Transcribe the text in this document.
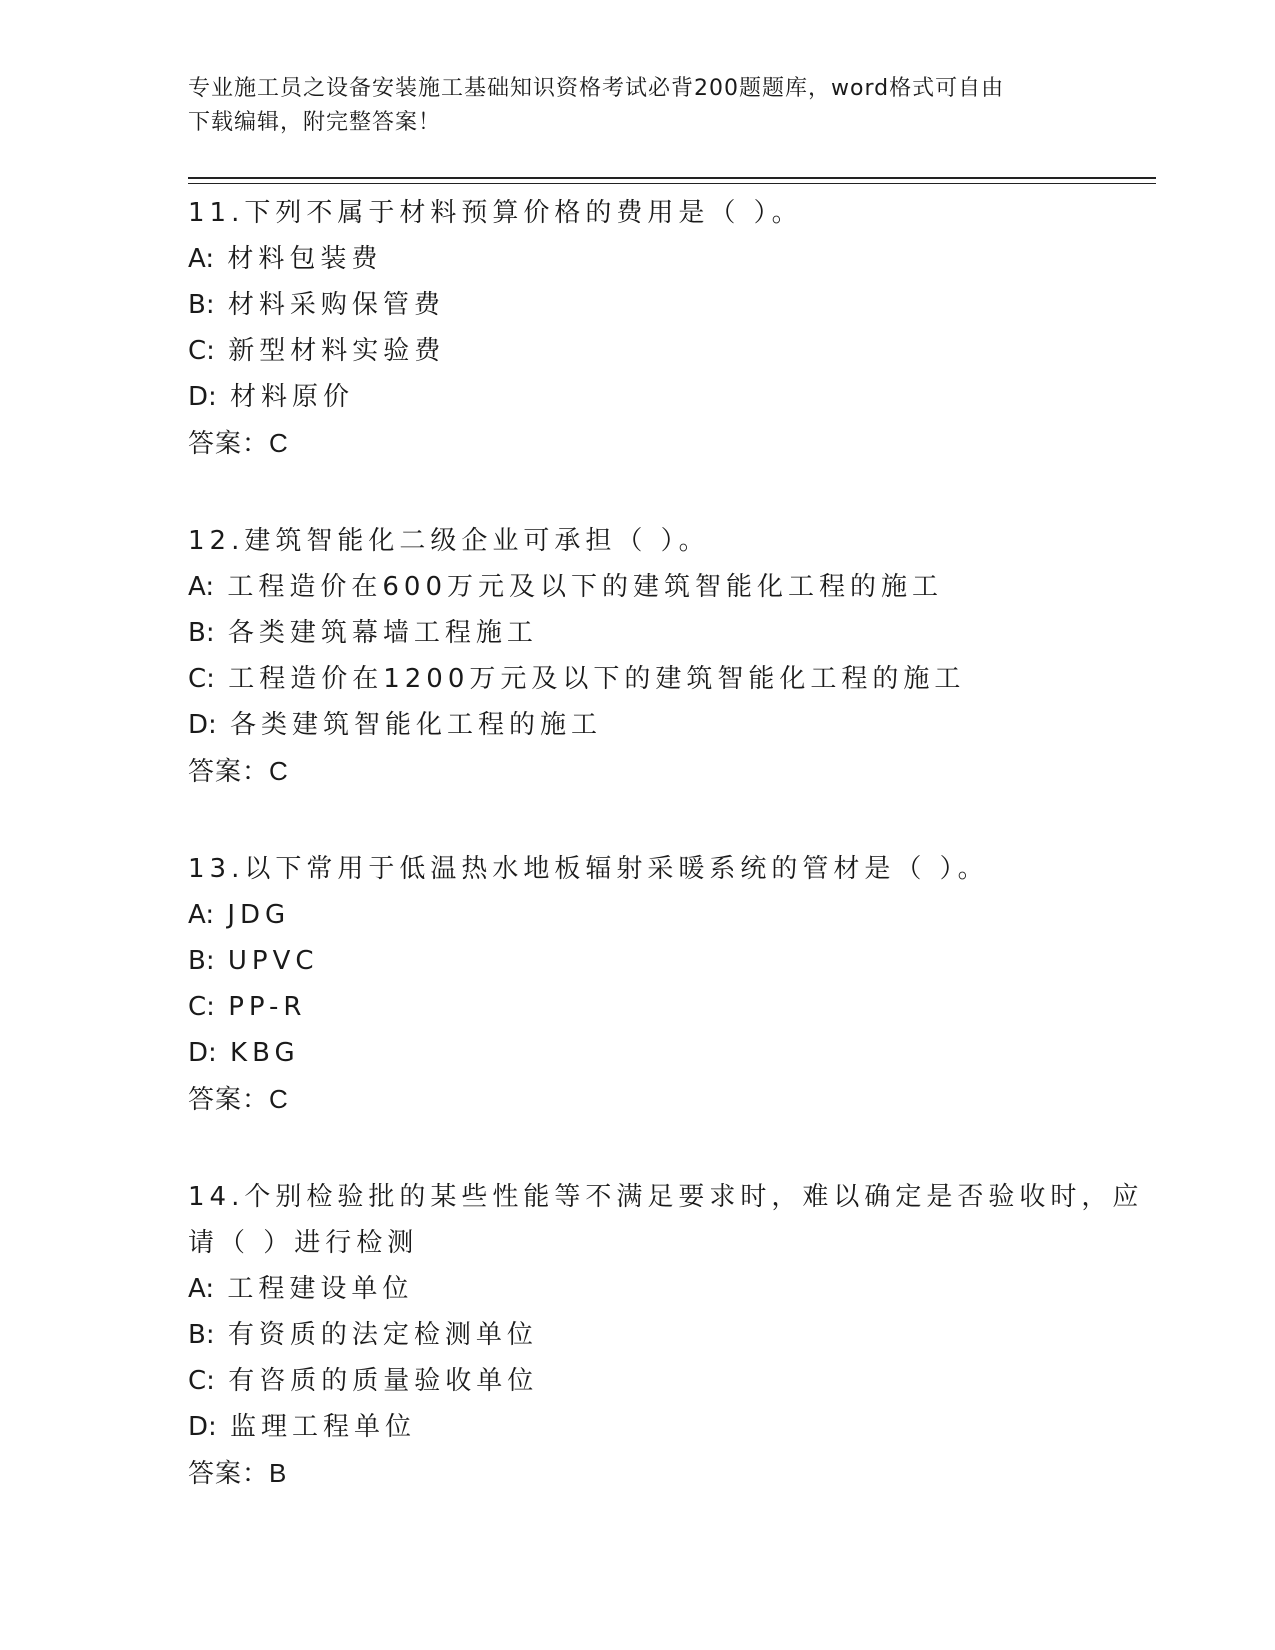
专业施工员之设备安装施工基础知识资格考试必背200题题库，word格式可自由
下载编辑，附完整答案！
11.下列不属于材料预算价格的费用是（ ）。
A: 材料包装费
B: 材料采购保管费
C: 新型材料实验费
D: 材料原价
答案：C
12.建筑智能化二级企业可承担（ ）。
A: 工程造价在600万元及以下的建筑智能化工程的施工
B: 各类建筑幕墙工程施工
C: 工程造价在1200万元及以下的建筑智能化工程的施工
D: 各类建筑智能化工程的施工
答案：C
13.以下常用于低温热水地板辐射采暖系统的管材是（ ）。
A: JDG
B: UPVC
C: PP-R
D: KBG
答案：C
14.个别检验批的某些性能等不满足要求时，难以确定是否验收时，应
请（ ）进行检测
A: 工程建设单位
B: 有资质的法定检测单位
C: 有咨质的质量验收单位
D: 监理工程单位
答案：B
